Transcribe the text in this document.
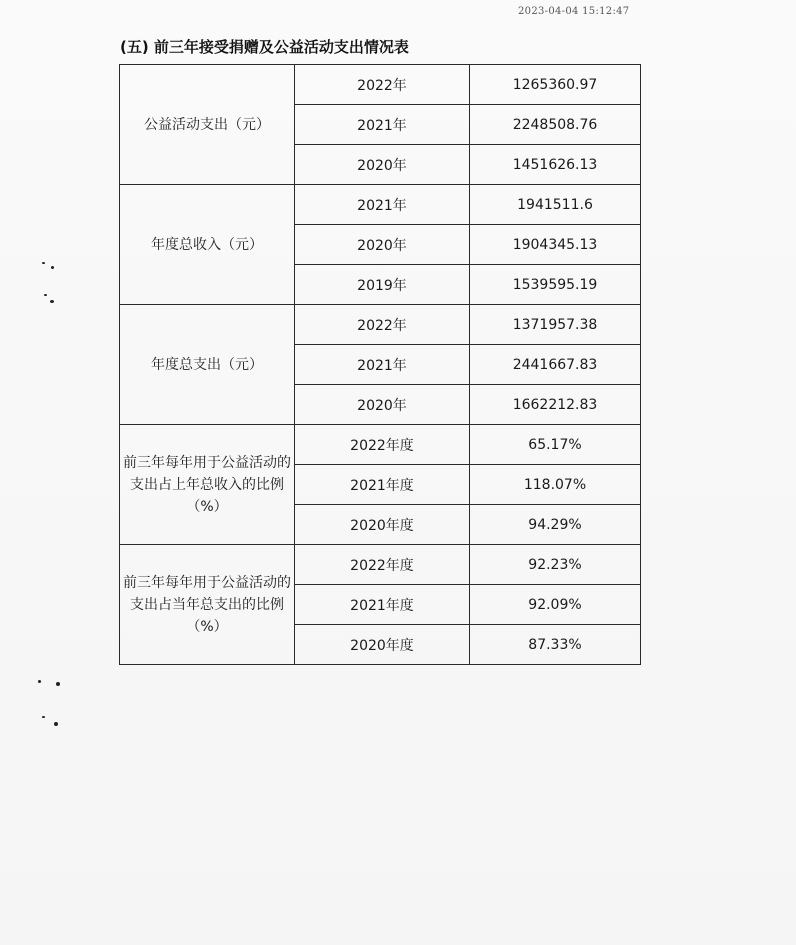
2023-04-04 15:12:47
(五) 前三年接受捐赠及公益活动支出情况表
公益活动支出（元）	2022年	1265360.97
	2021年	2248508.76
	2020年	1451626.13
年度总收入（元）	2021年	1941511.6
	2020年	1904345.13
	2019年	1539595.19
年度总支出（元）	2022年	1371957.38
	2021年	2441667.83
	2020年	1662212.83
前三年每年用于公益活动的支出占上年总收入的比例（%）	2022年度	65.17%
	2021年度	118.07%
	2020年度	94.29%
前三年每年用于公益活动的支出占当年总支出的比例（%）	2022年度	92.23%
	2021年度	92.09%
	2020年度	87.33%
